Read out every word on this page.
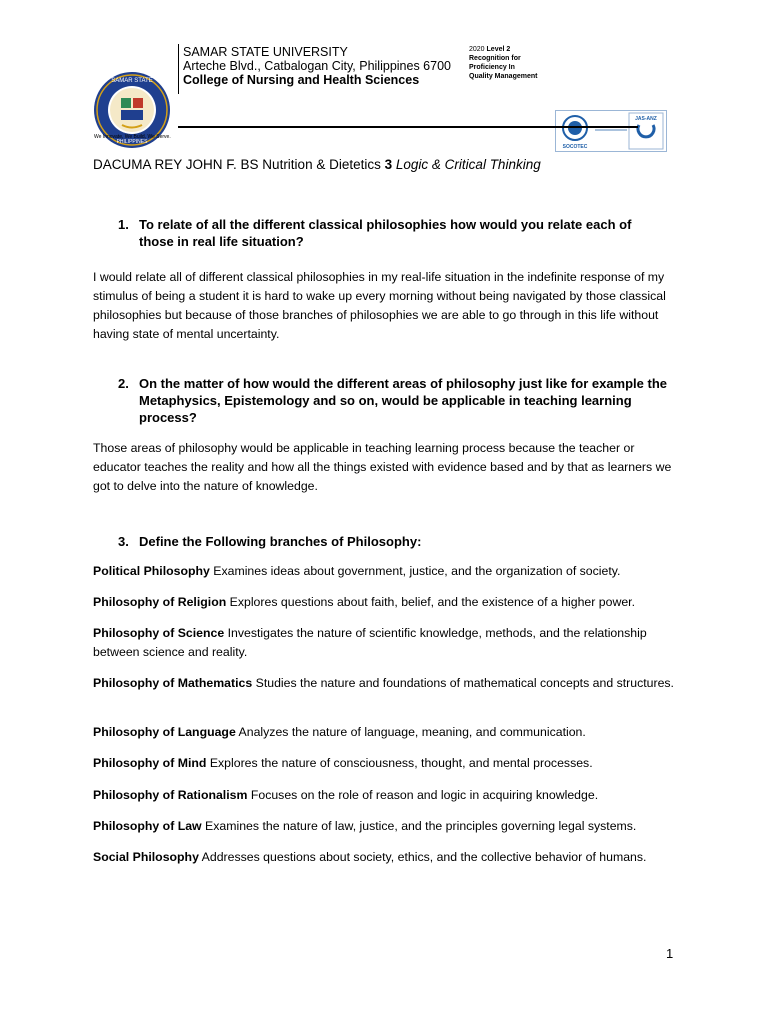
SAMAR STATE
PHILIPPINES
We Innovate, We Build, We Serve.
SAMAR STATE UNIVERSITY
Arteche Blvd., Catbalogan City, Philippines 6700
College of Nursing and Health Sciences
2020 Level 2
Recognition for
Proficiency In
Quality Management
SOCOTEC
JAS-ANZ
DACUMA REY JOHN F. BS Nutrition & Dietetics 3 Logic & Critical Thinking
1. To relate of all the different classical philosophies how would you relate each of those in real life situation?
I would relate all of different classical philosophies in my real-life situation in the indefinite response of my stimulus of being a student it is hard to wake up every morning without being navigated by those classical philosophies but because of those branches of philosophies we are able to go through in this life without having state of mental uncertainty.
2. On the matter of how would the different areas of philosophy just like for example the Metaphysics, Epistemology and so on, would be applicable in teaching learning process?
Those areas of philosophy would be applicable in teaching learning process because the teacher or educator teaches the reality and how all the things existed with evidence based and by that as learners we got to delve into the nature of knowledge.
3. Define the Following branches of Philosophy:
Political Philosophy Examines ideas about government, justice, and the organization of society.
Philosophy of Religion Explores questions about faith, belief, and the existence of a higher power.
Philosophy of Science Investigates the nature of scientific knowledge, methods, and the relationship between science and reality.
Philosophy of Mathematics Studies the nature and foundations of mathematical concepts and structures.
Philosophy of Language Analyzes the nature of language, meaning, and communication.
Philosophy of Mind Explores the nature of consciousness, thought, and mental processes.
Philosophy of Rationalism Focuses on the role of reason and logic in acquiring knowledge.
Philosophy of Law Examines the nature of law, justice, and the principles governing legal systems.
Social Philosophy Addresses questions about society, ethics, and the collective behavior of humans.
1
